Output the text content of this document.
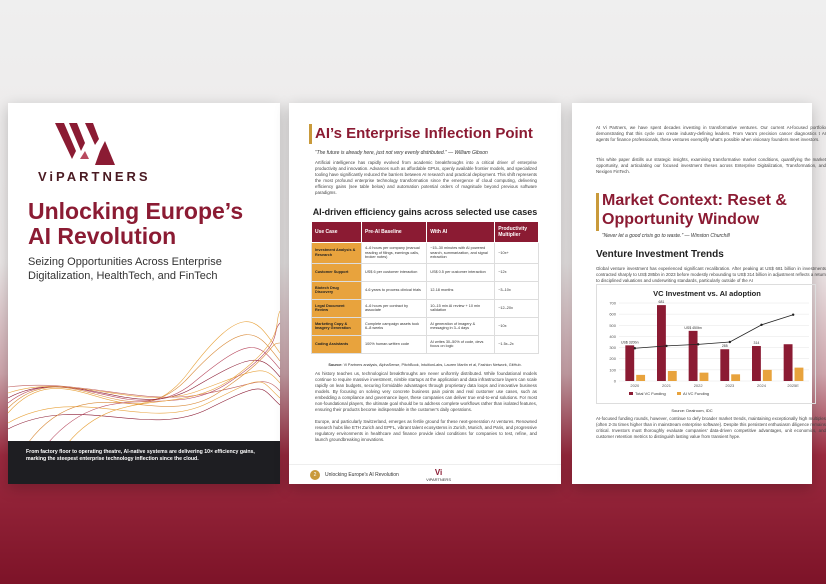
ViPARTNERS
Unlocking Europe’s AI Revolution
Seizing Opportunities Across Enterprise Digitalization, HealthTech, and FinTech

From factory floor to operating theatre, AI-native systems are delivering 10× efficiency gains, marking the steepest enterprise technology inflection since the cloud.

AI’s Enterprise Inflection Point
“The future is already here, just not very evenly distributed.” — William Gibson
Artificial intelligence has rapidly evolved from academic breakthroughs into a critical driver of enterprise productivity and innovation. Advances such as affordable GPUs, openly available frontier models, and specialized tooling have significantly reduced the barriers between AI research and practical deployment. This shift represents the most profound enterprise technology transformation since the emergence of cloud computing, delivering efficiency gains (see table below) and automation potential orders of magnitude beyond previous software paradigms.
AI-driven efficiency gains across selected use cases
Use Case	Pre-AI Baseline	With AI	Productivity Multiplier
Investment Analysis & Research	4–6 hours per company (manual reading of filings, earnings calls, broker notes)	~15–30 minutes with AI powered search, summarization, and signal extraction	~10x+
Customer Support	US$ 6 per customer interaction	US$ 0.5 per customer interaction	~12x
Biotech Drug Discovery	4-6 years to process clinical trials	12-18 months	~3–10x
Legal Document Review	4–6 hours per contract by associate	10–15 min AI review + 10 min validation	~12–20x
Marketing Copy & Imagery Generation	Complete campaign assets took 6–8 weeks	AI generation of imagery & messaging in 3–4 days	~10x
Coding Assistants	100% human-written code	AI writes 30–50% of code, devs focus on logic	~1.5x–2x
Source: Vi Partners analysis, AlphaSense, PitchBook, IntuitionLabs, Lauren Martin et al, Fashion Network, GitHub.
As history teaches us, technological breakthroughs are never uniformly distributed. While foundational models continue to require massive investment, nimble startups at the application and data infrastructure layers can scale rapidly on lean budgets, securing formidable advantages through proprietary data loops and innovative business models. By focusing on solving very concrete business pain points and real customer use cases, such as embedding a compliance and governance layer, these companies can deliver true end-to-end solutions. For most non-foundational players, the ultimate goal should be to address complete workflows rather than isolated features, ensuring their products become indispensable in the customer's daily operations.
Europe, and particularly Switzerland, emerges as fertile ground for these next-generation AI ventures. Renowned research hubs like ETH Zurich and EPFL, vibrant talent ecosystems in Zurich, Munich, and Paris, and progressive regulatory environments in healthcare and finance provide ideal conditions for companies to test, refine, and launch groundbreaking innovations.
2	Unlocking Europe's AI Revolution	Vi
ViPARTNERS
At Vi Partners, we have spent decades investing in transformative ventures. Our current AI-focused portfolio demonstrating that this cycle can create industry-defining leaders. From Vara's precision cancer diagnostics t AI agents for finance professionals, these ventures exemplify what's possible when visionary founders meet investors.
This white paper distills our strategic insights, examining transformative market conditions, quantifying the market opportunity, and articulating our focused investment theses across Enterprise Digitalization, Transformation, and Nexigen FinTech.
Market Context: Reset & Opportunity Window
“Never let a good crisis go to waste.” — Winston Churchill
Venture Investment Trends
Global venture investment has experienced significant recalibration. After peaking at US$ 681 billion in investments contracted sharply to US$ 285bn in 2023 before modestly rebounding to US$ 314 billion in adjustment reflects a return to disciplined valuations and underwriting standards, particularly outside of the AI
VC Investment vs. AI adoption
700
600
500
400
300
200
100
0
US$ 320bn
2020
681
2021
US$ 450bn
2022
285
2023
314
2024	2025E
Total VC Funding	AI VC Funding
Source: Dealroom, IDC
AI-focused funding rounds, however, continue to defy broader market trends, maintaining exceptionally high multiples (often 2-3x times higher than in mainstream enterprise software). Despite this persistent enthusiasm diligence remains critical. Investors must thoroughly evaluate companies' data-driven competitive advantages, unit economics, and customer retention metrics to distinguish lasting value from transient hype.
